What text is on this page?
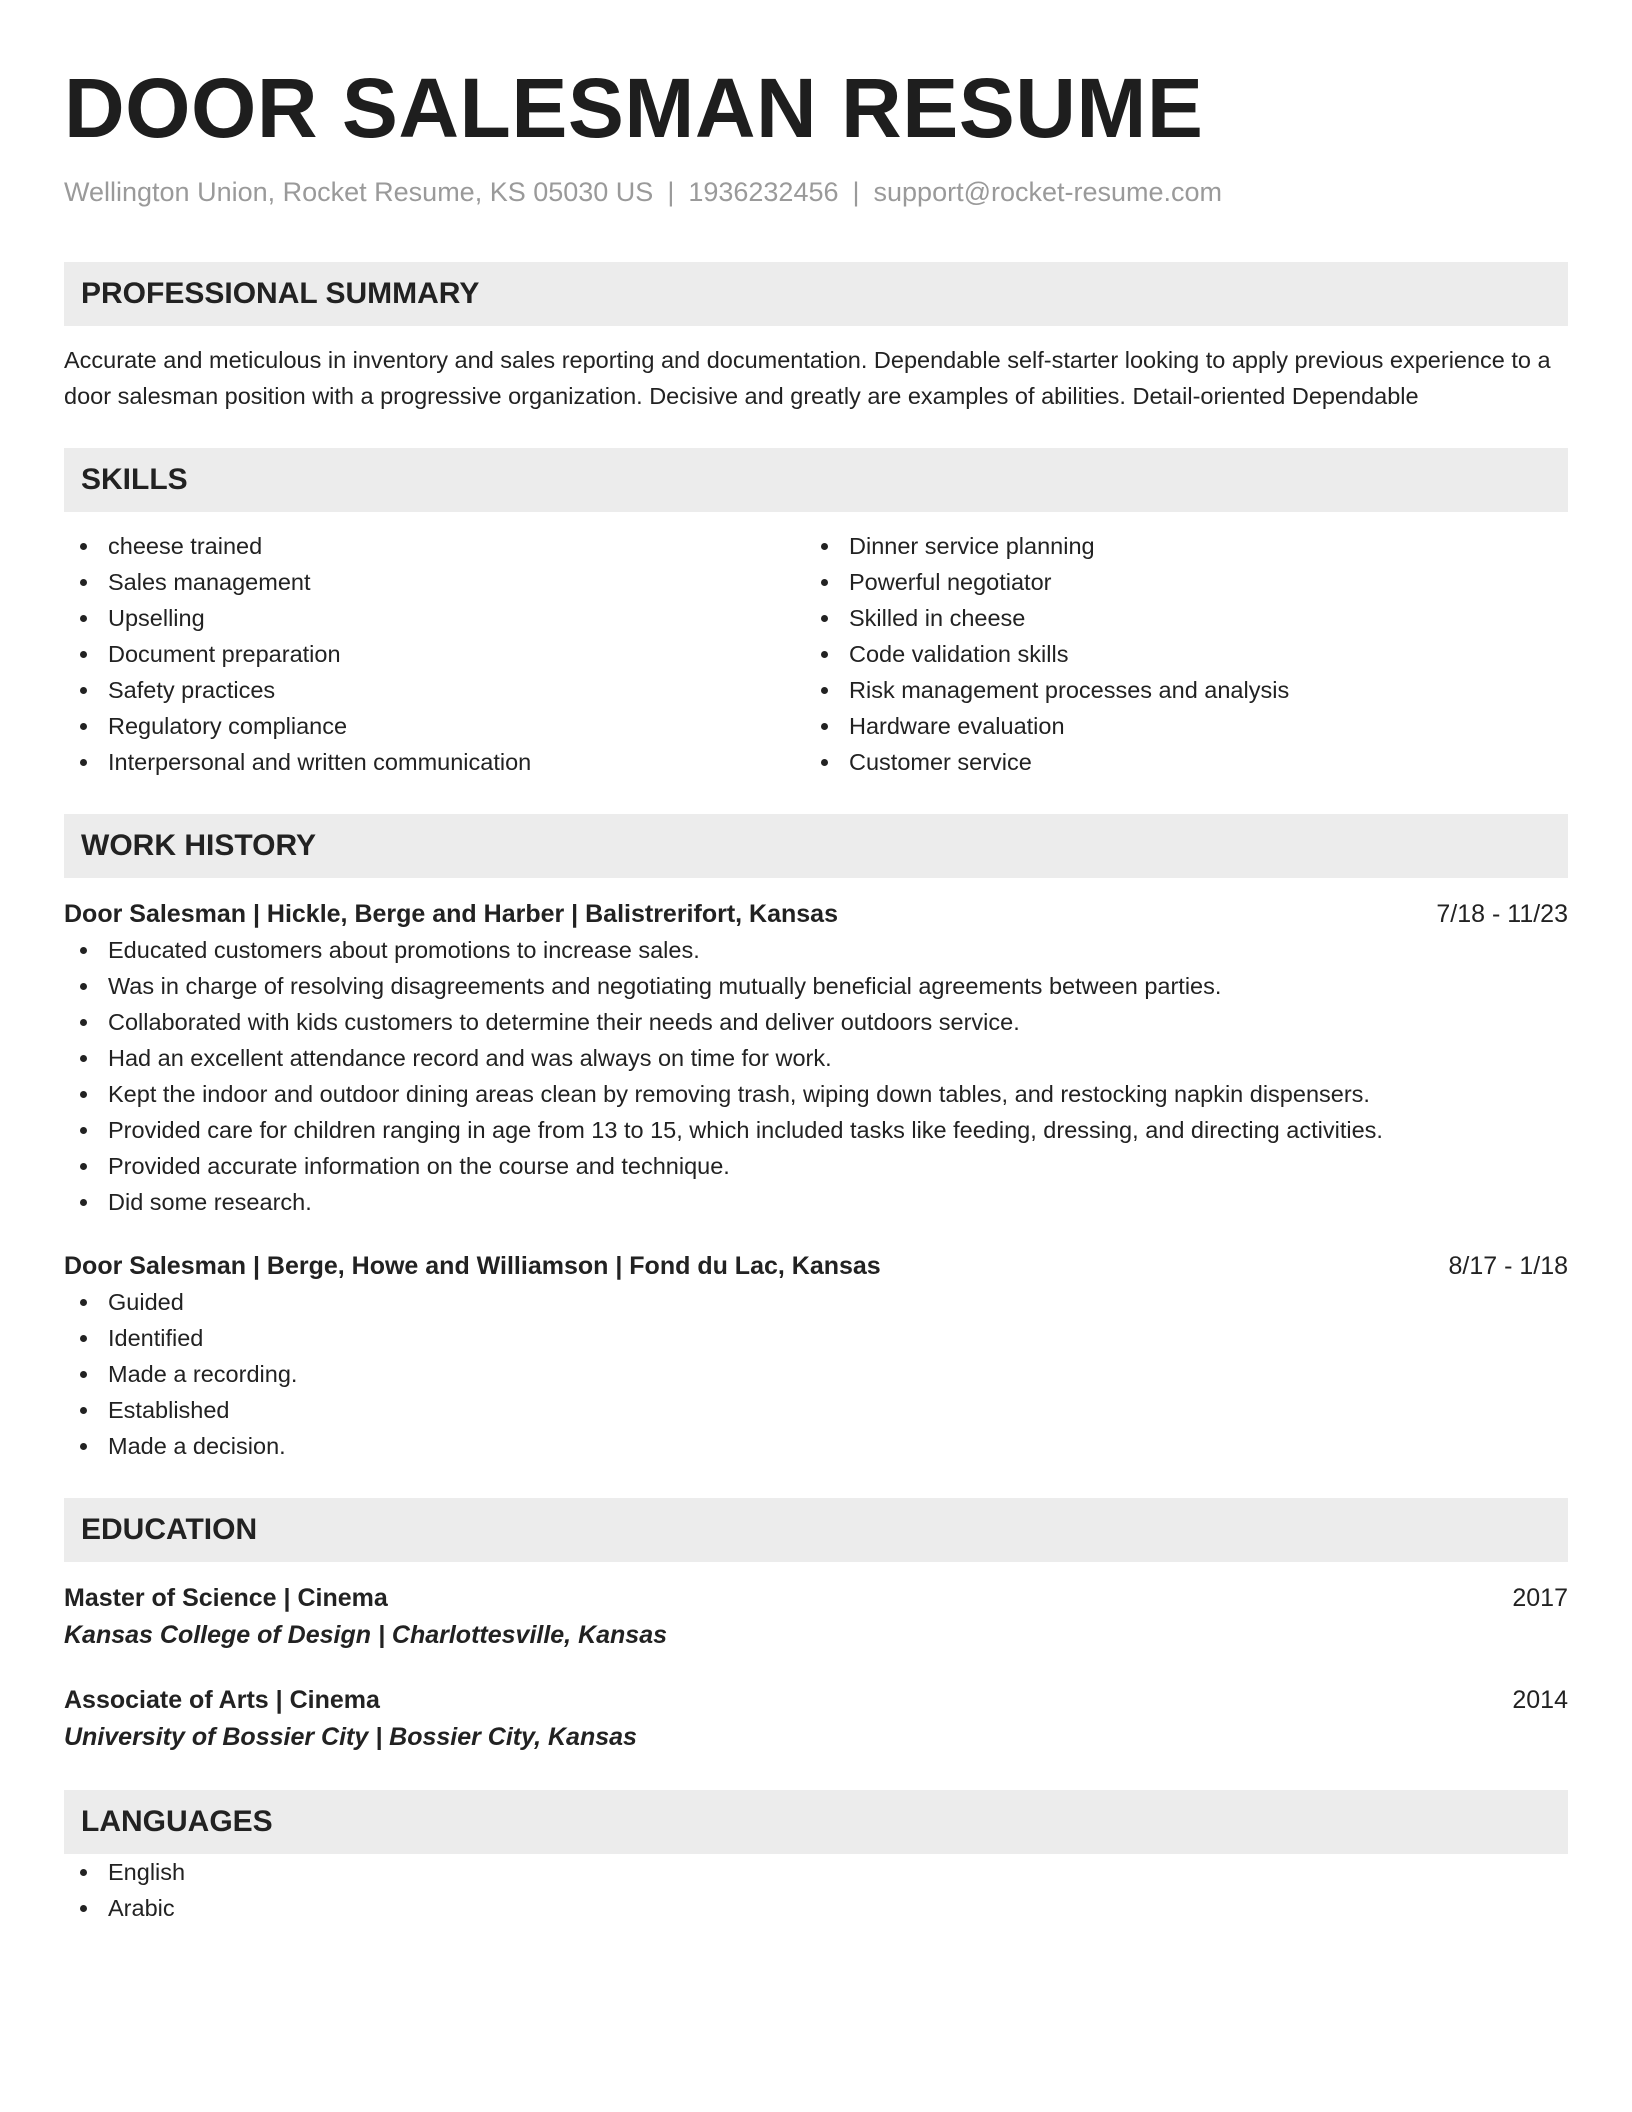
DOOR SALESMAN RESUME
Wellington Union, Rocket Resume, KS 05030 US | 1936232456 | support@rocket-resume.com
PROFESSIONAL SUMMARY
Accurate and meticulous in inventory and sales reporting and documentation. Dependable self-starter looking to apply previous experience to a door salesman position with a progressive organization. Decisive and greatly are examples of abilities. Detail-oriented Dependable
SKILLS
cheese trained
Sales management
Upselling
Document preparation
Safety practices
Regulatory compliance
Interpersonal and written communication
Dinner service planning
Powerful negotiator
Skilled in cheese
Code validation skills
Risk management processes and analysis
Hardware evaluation
Customer service
WORK HISTORY
Door Salesman | Hickle, Berge and Harber | Balistrerifort, Kansas	7/18 - 11/23
Educated customers about promotions to increase sales.
Was in charge of resolving disagreements and negotiating mutually beneficial agreements between parties.
Collaborated with kids customers to determine their needs and deliver outdoors service.
Had an excellent attendance record and was always on time for work.
Kept the indoor and outdoor dining areas clean by removing trash, wiping down tables, and restocking napkin dispensers.
Provided care for children ranging in age from 13 to 15, which included tasks like feeding, dressing, and directing activities.
Provided accurate information on the course and technique.
Did some research.
Door Salesman | Berge, Howe and Williamson | Fond du Lac, Kansas	8/17 - 1/18
Guided
Identified
Made a recording.
Established
Made a decision.
EDUCATION
Master of Science | Cinema	2017
Kansas College of Design | Charlottesville, Kansas
Associate of Arts | Cinema	2014
University of Bossier City | Bossier City, Kansas
LANGUAGES
English
Arabic
